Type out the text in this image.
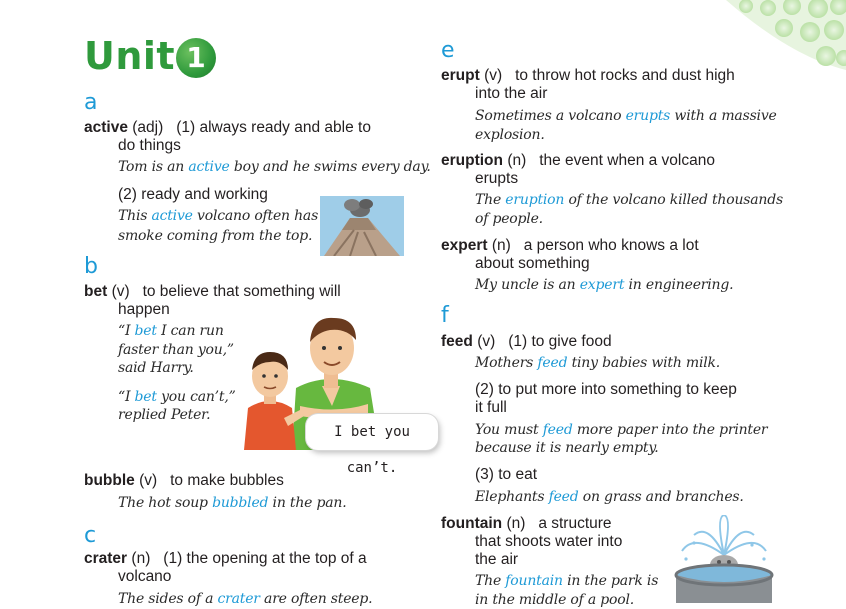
Unit 1
a
active (adj) (1) always ready and able to
do things
Tom is an active boy and he swims every day.
(2) ready and working
This active volcano often has
smoke coming from the top.
b
bet (v) to believe that something will
happen
“I bet I can run
faster than you,”
said Harry.
“I bet you can’t,”
replied Peter.
I bet you can’t.
bubble (v) to make bubbles
The hot soup bubbled in the pan.
c
crater (n) (1) the opening at the top of a
volcano
The sides of a crater are often steep.
e
erupt (v) to throw hot rocks and dust high
into the air
Sometimes a volcano erupts with a massive
explosion.
eruption (n) the event when a volcano
erupts
The eruption of the volcano killed thousands
of people.
expert (n) a person who knows a lot
about something
My uncle is an expert in engineering.
f
feed (v) (1) to give food
Mothers feed tiny babies with milk.
(2) to put more into something to keep
it full
You must feed more paper into the printer
because it is nearly empty.
(3) to eat
Elephants feed on grass and branches.
fountain (n) a structure
that shoots water into
the air
The fountain in the park is
in the middle of a pool.
